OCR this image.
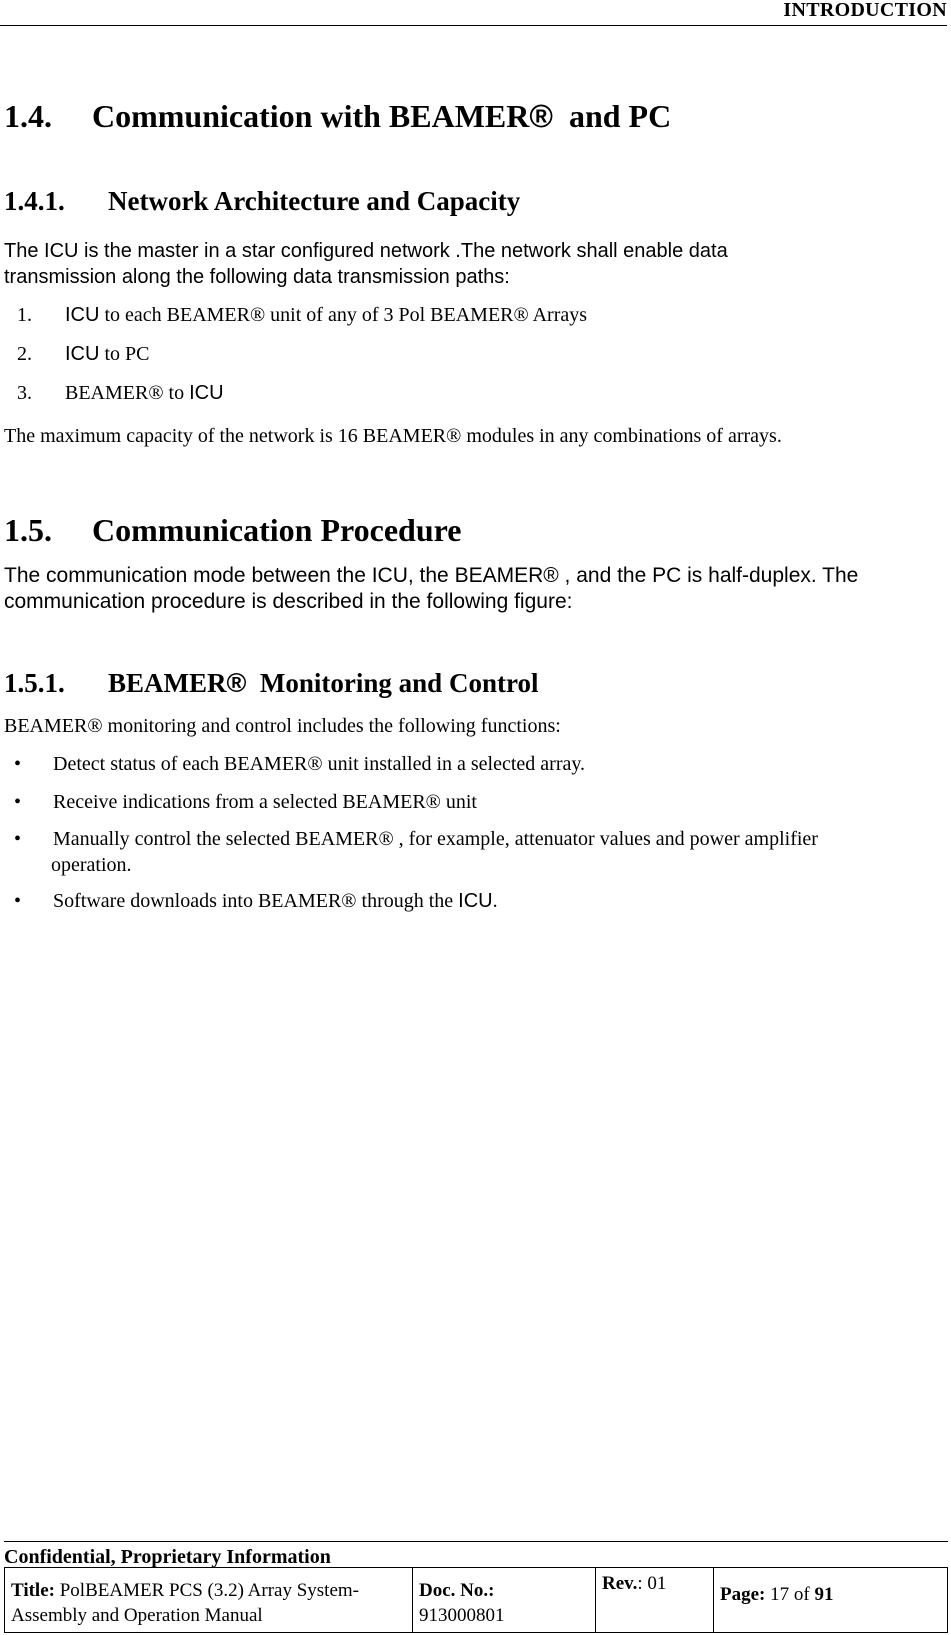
INTRODUCTION
1.4. Communication with BEAMER® and PC
1.4.1. Network Architecture and Capacity
The ICU is the master in a star configured network .The network shall enable data
transmission along the following data transmission paths:
1. ICU to each BEAMER® unit of any of 3 Pol BEAMER® Arrays
2. ICU to PC
3. BEAMER® to ICU
The maximum capacity of the network is 16 BEAMER® modules in any combinations of arrays.
1.5. Communication Procedure
The communication mode between the ICU, the BEAMER® , and the PC is half-duplex. The
communication procedure is described in the following figure:
1.5.1. BEAMER® Monitoring and Control
BEAMER® monitoring and control includes the following functions:
• Detect status of each BEAMER® unit installed in a selected array.
• Receive indications from a selected BEAMER® unit
• Manually control the selected BEAMER® , for example, attenuator values and power amplifier
operation.
• Software downloads into BEAMER® through the ICU.
Confidential, Proprietary Information
Title: PolBEAMER PCS (3.2) Array System-
Assembly and Operation Manual
Doc. No.:
913000801
Rev.: 01
Page: 17 of 91
